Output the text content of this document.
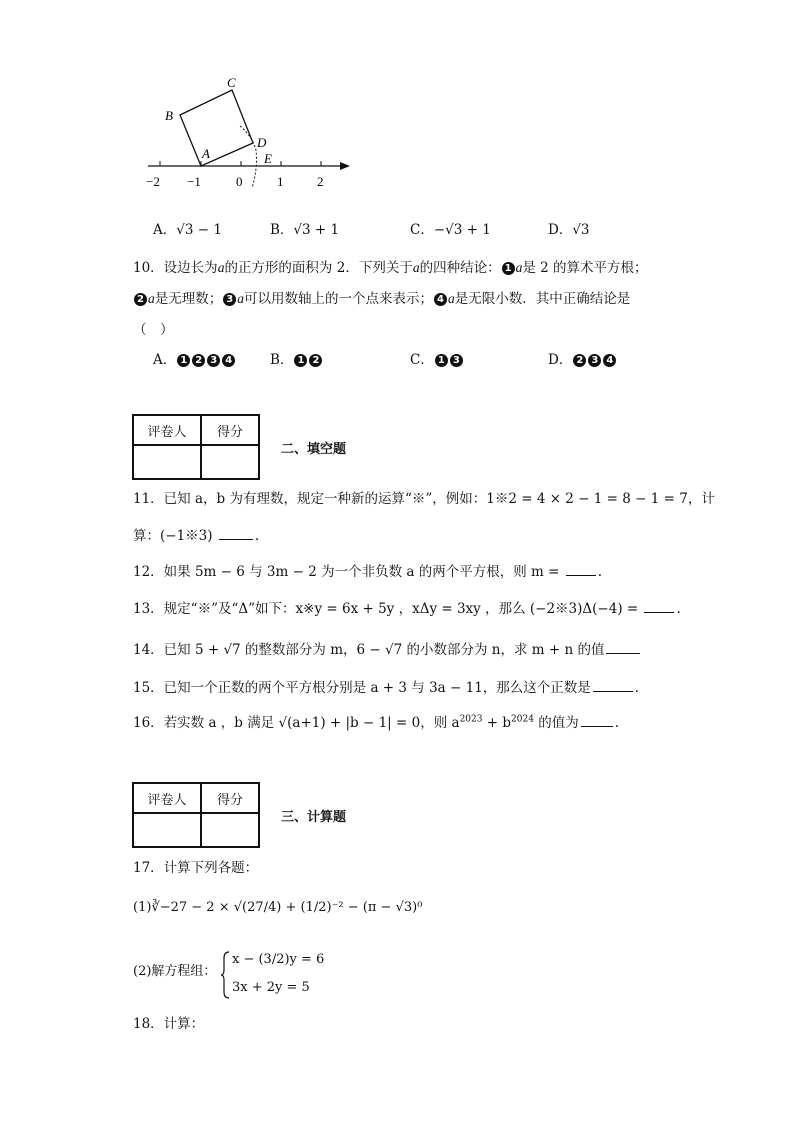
C
B
D
A	E
−2 −1	0	1	2
A．√3 − 1	B．√3 + 1	C．−√3 + 1	D．√3
10．设边长为a的正方形的面积为 2．下列关于a的四种结论： 1 a是 2 的算术平方根；
2 a是无理数； 3 a可以用数轴上的一个点来表示； 4 a是无限小数．其中正确结论是
（　）
A． 1 2 3 4	B． 1 2	C． 1 3	D． 2 3 4
评卷人	得分

二、填空题
11．已知 a，b 为有理数，规定一种新的运算“※”，例如：1※2 = 4 × 2 − 1 = 8 − 1 = 7，计
算：(−1※3)	.
12．如果 5m − 6 与 3m − 2 为一个非负数 a 的两个平方根，则 m =	.
13．规定“※”及“Δ”如下：x※y = 6x + 5y ，xΔy = 3xy ，那么 (−2※3)Δ(−4) =	.
14．已知 5 + √7 的整数部分为 m，6 − √7 的小数部分为 n，求 m + n 的值
15．已知一个正数的两个平方根分别是 a + 3 与 3a − 11，那么这个正数是	.
16．若实数 a ，b 满足 √(a+1) + |b − 1| = 0，则 $a^{2023} + b^{2024}$ 的值为	.
评卷人	得分

三、计算题
17．计算下列各题：
(1)∛−27 − 2 × √(27/4) + (1/2)⁻² − (π − √3)⁰
(2)解方程组：
x − (3/2)y = 6
3x + 2y = 5
18．计算：
